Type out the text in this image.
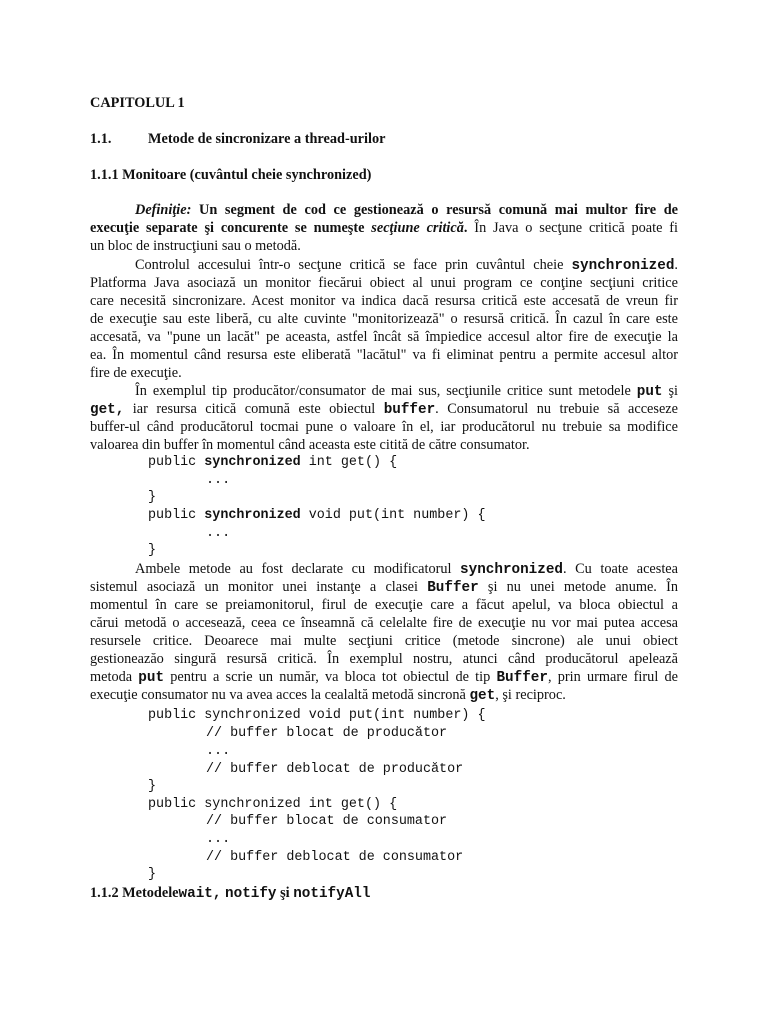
CAPITOLUL 1
1.1.	Metode de sincronizare a thread-urilor
1.1.1 Monitoare (cuvântul cheie synchronized)
Definiţie: Un segment de cod ce gestionează o resursă comună mai multor fire de
execuţie separate şi concurente se numeşte secţiune critică. În Java o secţune critică poate fi
un bloc de instrucţiuni sau o metodă.
Controlul accesului într-o secţune critică se face prin cuvântul cheie synchronized.
Platforma Java asociază un monitor fiecărui obiect al unui program ce conţine secţiuni critice
care necesită sincronizare. Acest monitor va indica dacă resursa critică este accesată de vreun fir
de execuţie sau este liberă, cu alte cuvinte "monitorizează" o resursă critică. În cazul în care este
accesată, va "pune un lacăt" pe aceasta, astfel încât să împiedice accesul altor fire de execuţie la
ea. În momentul când resursa este eliberată "lacătul" va fi eliminat pentru a permite accesul altor
fire de execuţie.
În exemplul tip producător/consumator de mai sus, secţiunile critice sunt metodele put şi
get, iar resursa citică comună este obiectul buffer. Consumatorul nu trebuie să acceseze
buffer-ul când producătorul tocmai pune o valoare în el, iar producătorul nu trebuie sa modifice
valoarea din buffer în momentul când aceasta este citită de către consumator.
public synchronized int get() {
...
}
public synchronized void put(int number) {
...
}
Ambele metode au fost declarate cu modificatorul synchronized. Cu toate acestea
sistemul asociază un monitor unei instanţe a clasei Buffer şi nu unei metode anume. În
momentul în care se preiamonitorul, firul de execuţie care a făcut apelul, va bloca obiectul a
cărui metodă o accesează, ceea ce înseamnă că celelalte fire de execuţie nu vor mai putea accesa
resursele critice. Deoarece mai multe secţiuni critice (metode sincrone) ale unui obiect
gestioneazăo singură resursă critică. În exemplul nostru, atunci când producătorul apelează
metoda put pentru a scrie un număr, va bloca tot obiectul de tip Buffer, prin urmare firul de
execuţie consumator nu va avea acces la cealaltă metodă sincronă get, şi reciproc.
public synchronized void put(int number) {
// buffer blocat de producător
...
// buffer deblocat de producător
}
public synchronized int get() {
// buffer blocat de consumator
...
// buffer deblocat de consumator
}
1.1.2 Metodelewait, notify şi notifyAll
